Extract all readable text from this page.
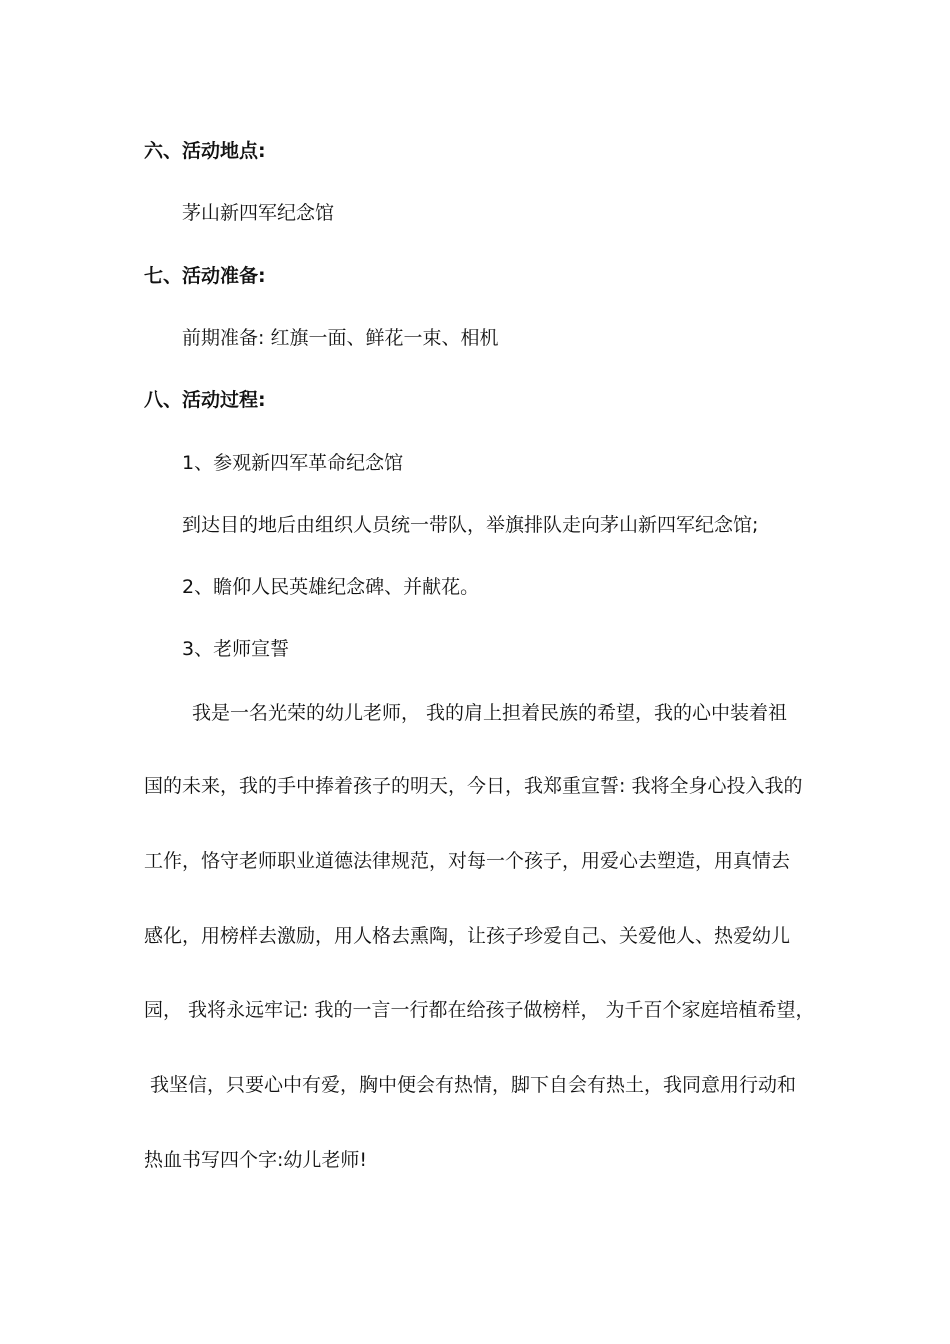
六、活动地点:
茅山新四军纪念馆
七、活动准备:
前期准备: 红旗一面、鲜花一束、相机
八、活动过程:
1、参观新四军革命纪念馆
到达目的地后由组织人员统一带队，举旗排队走向茅山新四军纪念馆;
2、瞻仰人民英雄纪念碑、并献花。
3、老师宣誓
我是一名光荣的幼儿老师， 我的肩上担着民族的希望，我的心中装着祖
国的未来，我的手中捧着孩子的明天，今日，我郑重宣誓: 我将全身心投入我的
工作，恪守老师职业道德法律规范，对每一个孩子，用爱心去塑造，用真情去
感化，用榜样去激励，用人格去熏陶，让孩子珍爱自己、关爱他人、热爱幼儿
园， 我将永远牢记: 我的一言一行都在给孩子做榜样， 为千百个家庭培植希望，
我坚信，只要心中有爱，胸中便会有热情，脚下自会有热土，我同意用行动和
热血书写四个字:幼儿老师!
